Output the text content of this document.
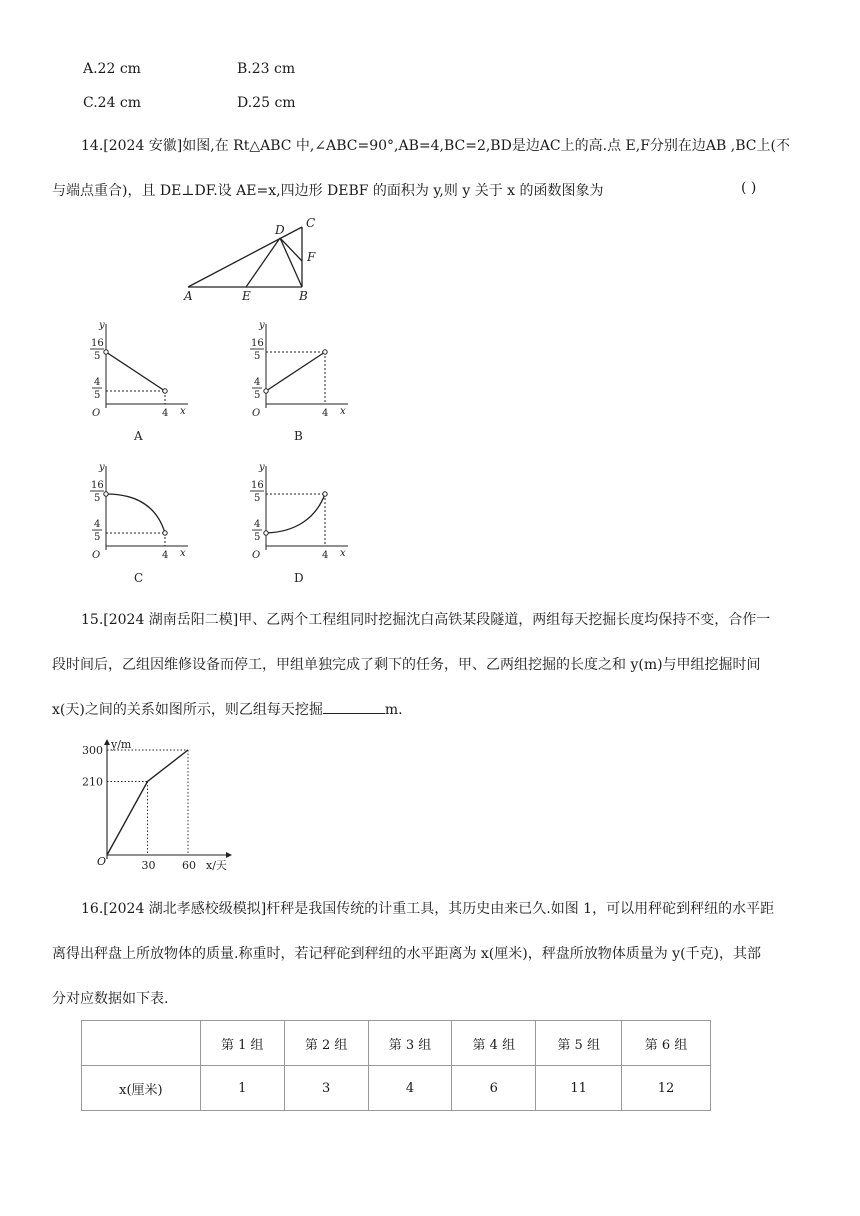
A.22 cm	B.23 cm
C.24 cm	D.25 cm
14.[2024 安徽]如图,在 Rt△ABC 中,∠ABC=90°,AB=4,BC=2,BD是边AC上的高.点 E,F分别在边AB ,BC上(不
与端点重合)，且 DE⊥DF.设 AE=x,四边形 DEBF 的面积为 y,则 y 关于 x 的函数图象为	( )
A	E	B
C
D
F
y
x
O
16
5
4
5
4
A
y
x
O
16
5
4
5
4
B
y
x
O
16
5
4
5
4
C
y
x
O
16
5
4
5
4
D
15.[2024 湖南岳阳二模]甲、乙两个工程组同时挖掘沈白高铁某段隧道，两组每天挖掘长度均保持不变，合作一
段时间后，乙组因维修设备而停工，甲组单独完成了剩下的任务，甲、乙两组挖掘的长度之和 y(m)与甲组挖掘时间
x(天)之间的关系如图所示，则乙组每天挖掘	m.
y/m
x/天
O
210
300
30 60
16.[2024 湖北孝感校级模拟]杆秤是我国传统的计重工具，其历史由来已久.如图 1，可以用秤砣到秤纽的水平距
离得出秤盘上所放物体的质量.称重时，若记秤砣到秤纽的水平距离为 x(厘米)，秤盘所放物体质量为 y(千克)，其部
分对应数据如下表.
	第 1 组	第 2 组	第 3 组	第 4 组	第 5 组	第 6 组
x(厘米)	1	3	4	6	11	12
